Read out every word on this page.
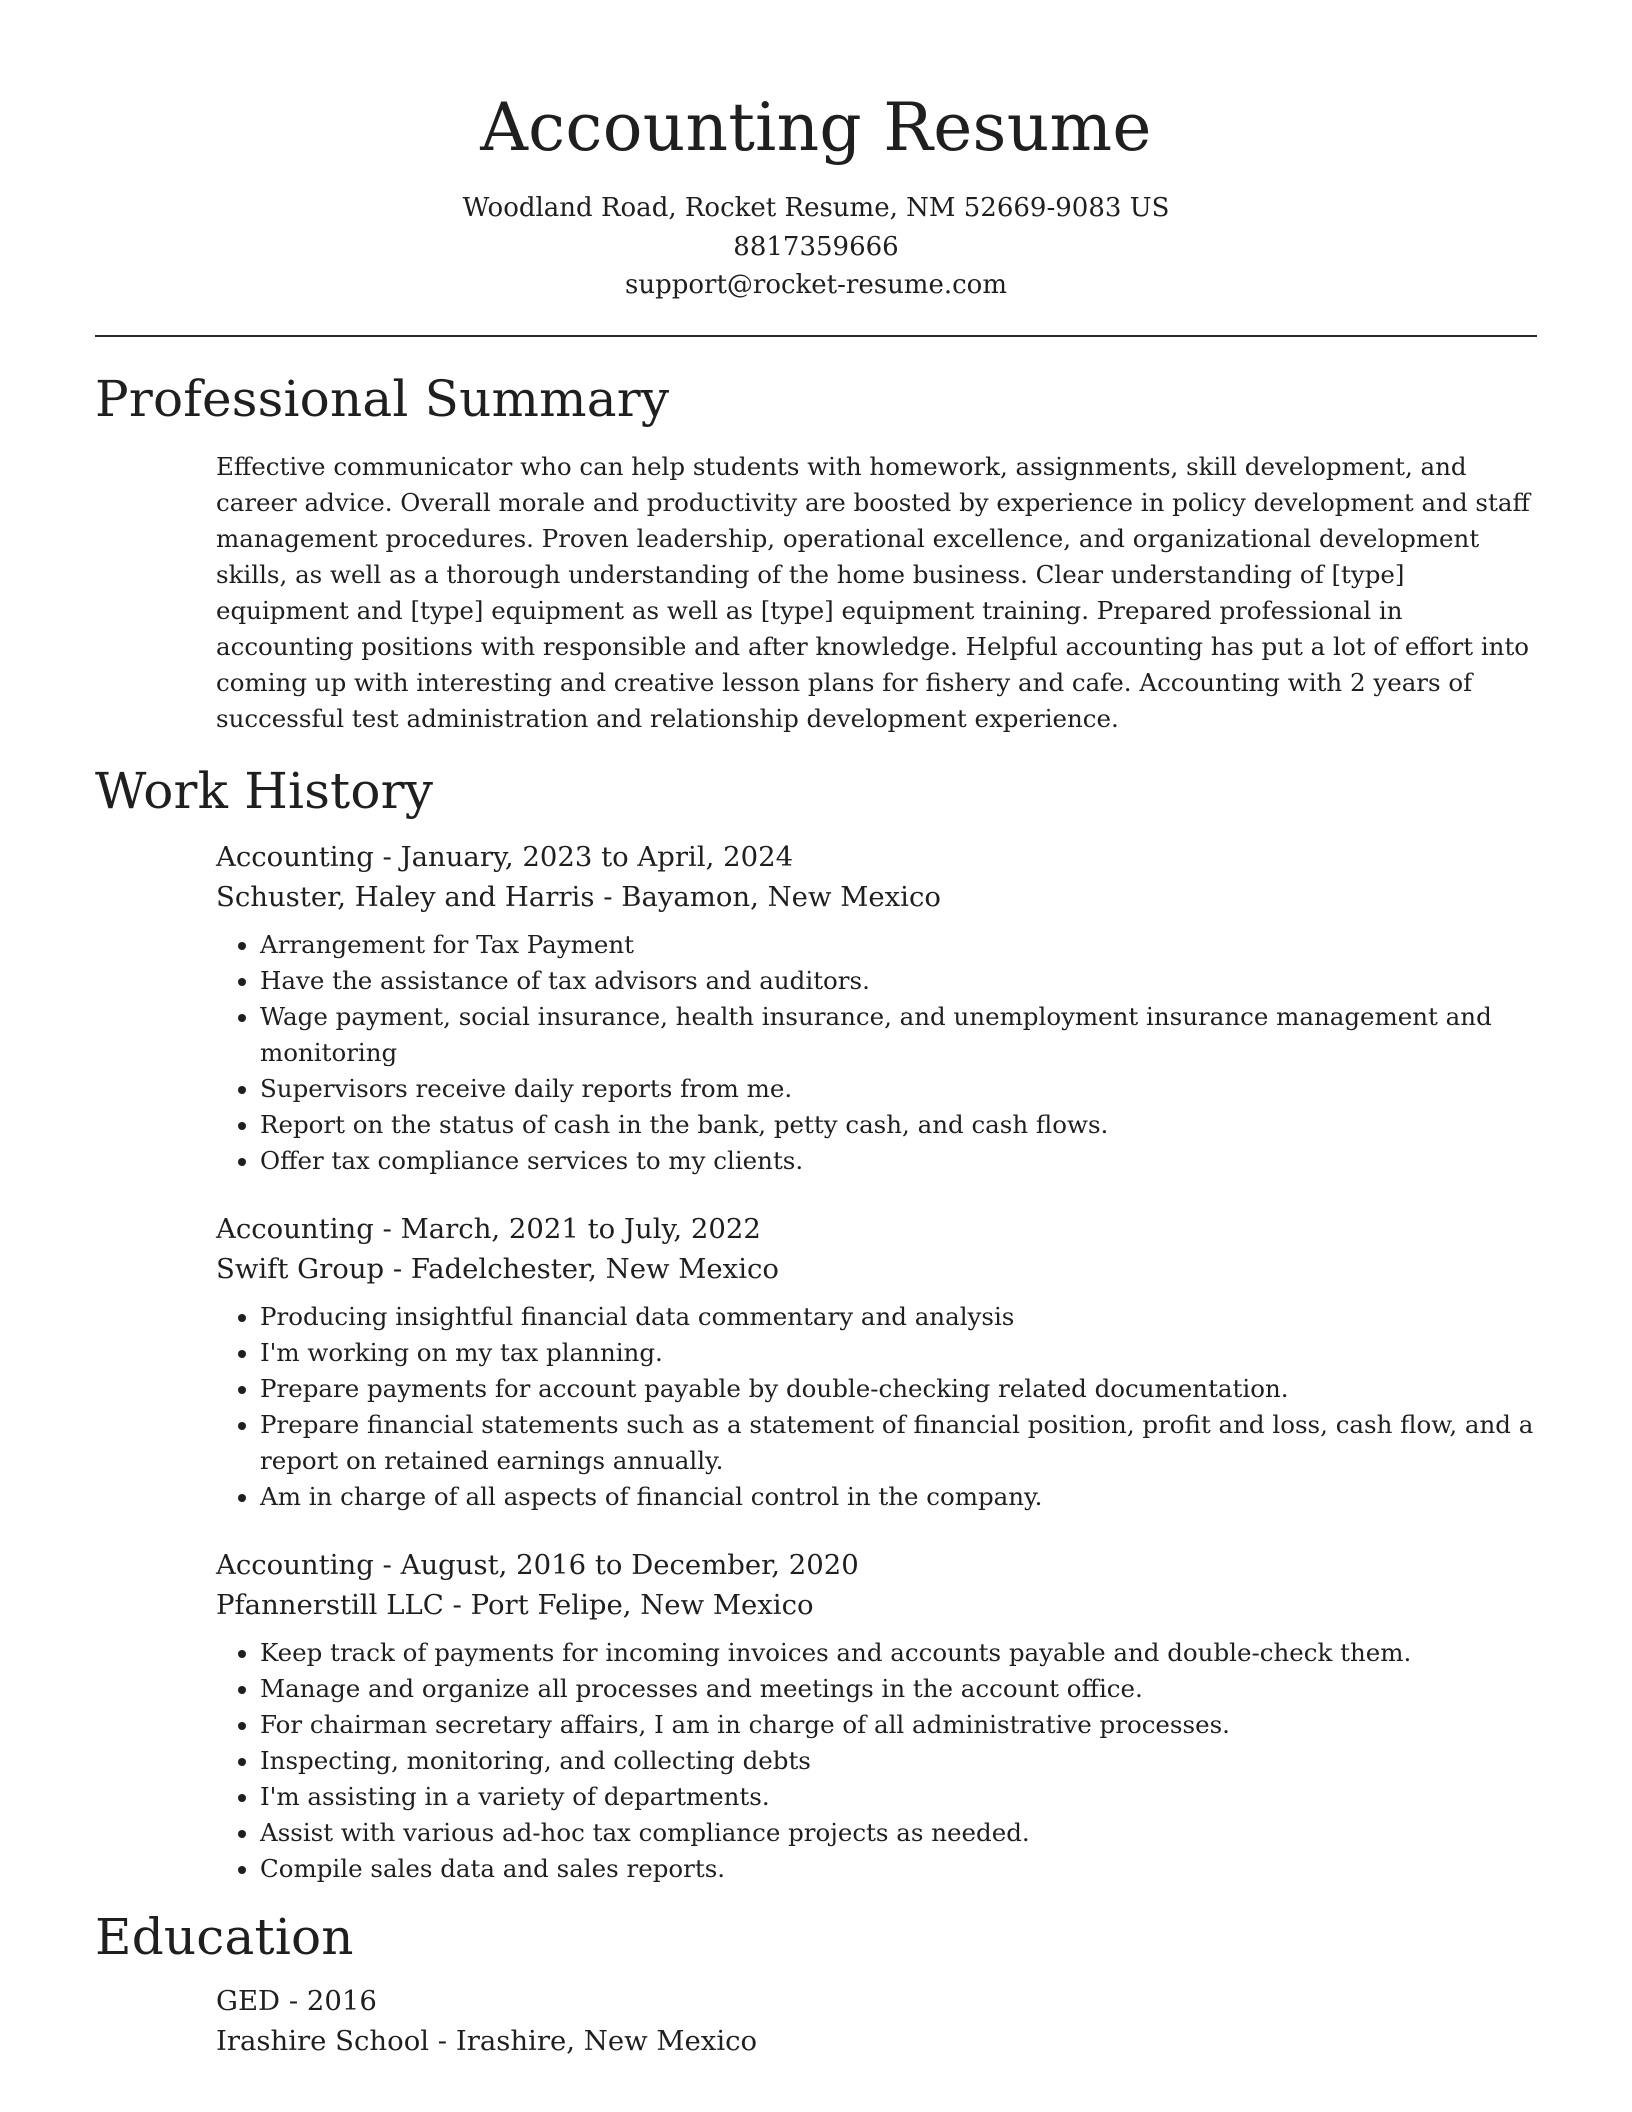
Accounting Resume
Woodland Road, Rocket Resume, NM 52669-9083 US
8817359666
support@rocket-resume.com
Professional Summary
Effective communicator who can help students with homework, assignments, skill development, and career advice. Overall morale and productivity are boosted by experience in policy development and staff management procedures. Proven leadership, operational excellence, and organizational development skills, as well as a thorough understanding of the home business. Clear understanding of [type] equipment and [type] equipment as well as [type] equipment training. Prepared professional in accounting positions with responsible and after knowledge. Helpful accounting has put a lot of effort into coming up with interesting and creative lesson plans for fishery and cafe. Accounting with 2 years of successful test administration and relationship development experience.
Work History
Accounting - January, 2023 to April, 2024
Schuster, Haley and Harris - Bayamon, New Mexico
• Arrangement for Tax Payment
• Have the assistance of tax advisors and auditors.
• Wage payment, social insurance, health insurance, and unemployment insurance management and monitoring
• Supervisors receive daily reports from me.
• Report on the status of cash in the bank, petty cash, and cash flows.
• Offer tax compliance services to my clients.
Accounting - March, 2021 to July, 2022
Swift Group - Fadelchester, New Mexico
• Producing insightful financial data commentary and analysis
• I'm working on my tax planning.
• Prepare payments for account payable by double-checking related documentation.
• Prepare financial statements such as a statement of financial position, profit and loss, cash flow, and a report on retained earnings annually.
• Am in charge of all aspects of financial control in the company.
Accounting - August, 2016 to December, 2020
Pfannerstill LLC - Port Felipe, New Mexico
• Keep track of payments for incoming invoices and accounts payable and double-check them.
• Manage and organize all processes and meetings in the account office.
• For chairman secretary affairs, I am in charge of all administrative processes.
• Inspecting, monitoring, and collecting debts
• I'm assisting in a variety of departments.
• Assist with various ad-hoc tax compliance projects as needed.
• Compile sales data and sales reports.
Education
GED - 2016
Irashire School - Irashire, New Mexico
